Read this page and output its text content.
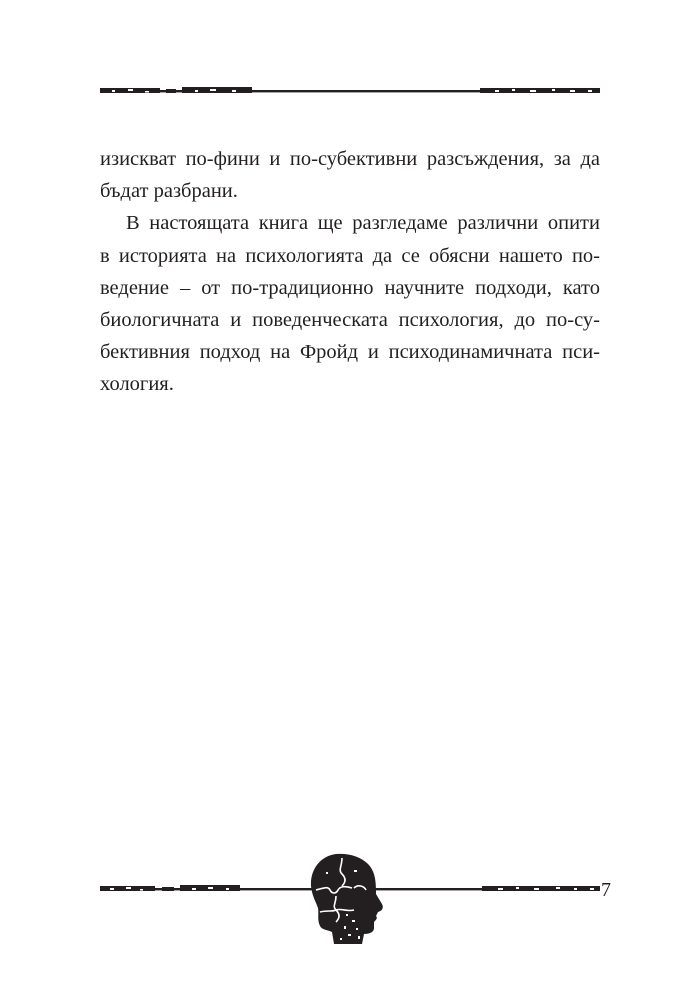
изискват по-фини и по-субективни разсъждения, за да
бъдат разбрани.
В настоящата книга ще разгледаме различни опити
в историята на психологията да се обясни нашето по-
ведение – от по-традиционно научните подходи, като
биологичната и поведенческата психология, до по-су-
бективния подход на Фройд и психодинамичната пси-
хология.
7
